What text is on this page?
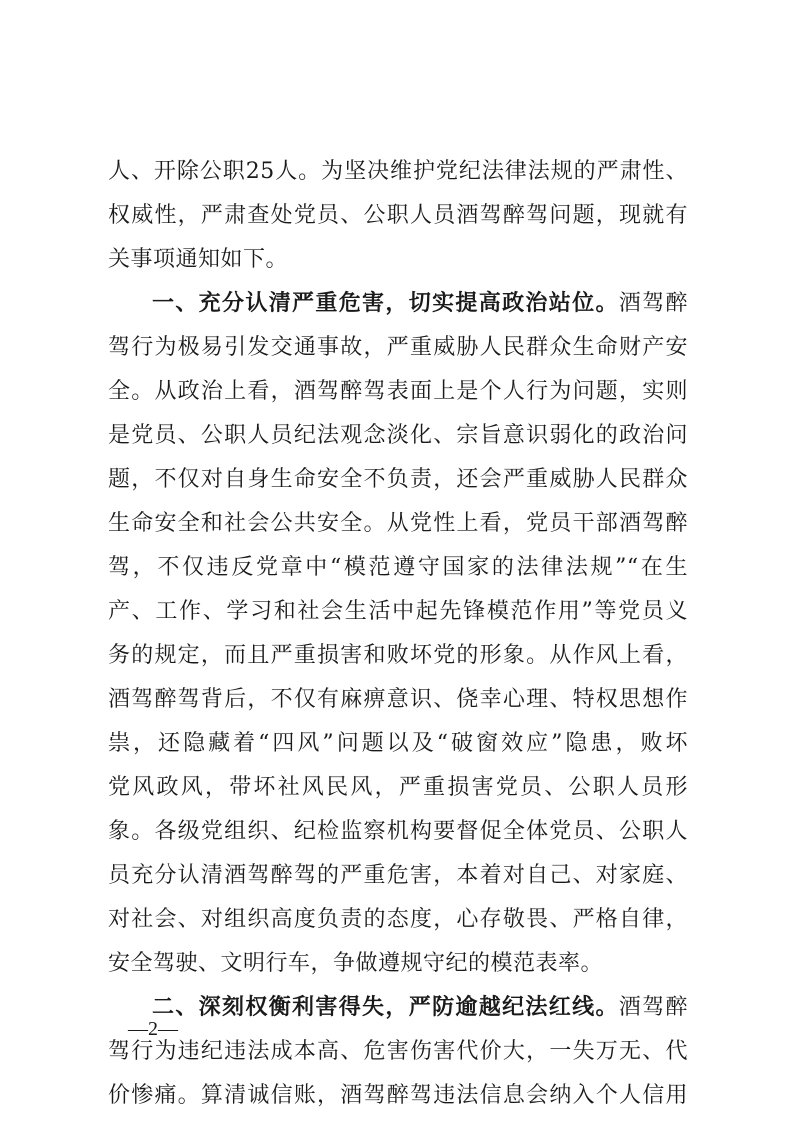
人、开除公职25人。为坚决维护党纪法律法规的严肃性、
权威性，严肃查处党员、公职人员酒驾醉驾问题，现就有
关事项通知如下。
一、充分认清严重危害，切实提高政治站位。酒驾醉
驾行为极易引发交通事故，严重威胁人民群众生命财产安
全。从政治上看，酒驾醉驾表面上是个人行为问题，实则
是党员、公职人员纪法观念淡化、宗旨意识弱化的政治问
题，不仅对自身生命安全不负责，还会严重威胁人民群众
生命安全和社会公共安全。从党性上看，党员干部酒驾醉
驾，不仅违反党章中“模范遵守国家的法律法规”“在生
产、工作、学习和社会生活中起先锋模范作用”等党员义
务的规定，而且严重损害和败坏党的形象。从作风上看，
酒驾醉驾背后，不仅有麻痹意识、侥幸心理、特权思想作
祟，还隐藏着“四风”问题以及“破窗效应”隐患，败坏
党风政风，带坏社风民风，严重损害党员、公职人员形
象。各级党组织、纪检监察机构要督促全体党员、公职人
员充分认清酒驾醉驾的严重危害，本着对自己、对家庭、
对社会、对组织高度负责的态度，心存敬畏、严格自律，
安全驾驶、文明行车，争做遵规守纪的模范表率。
二、深刻权衡利害得失，严防逾越纪法红线。酒驾醉
驾行为违纪违法成本高、危害伤害代价大，一失万无、代
价惨痛。算清诚信账，酒驾醉驾违法信息会纳入个人信用
—2—
